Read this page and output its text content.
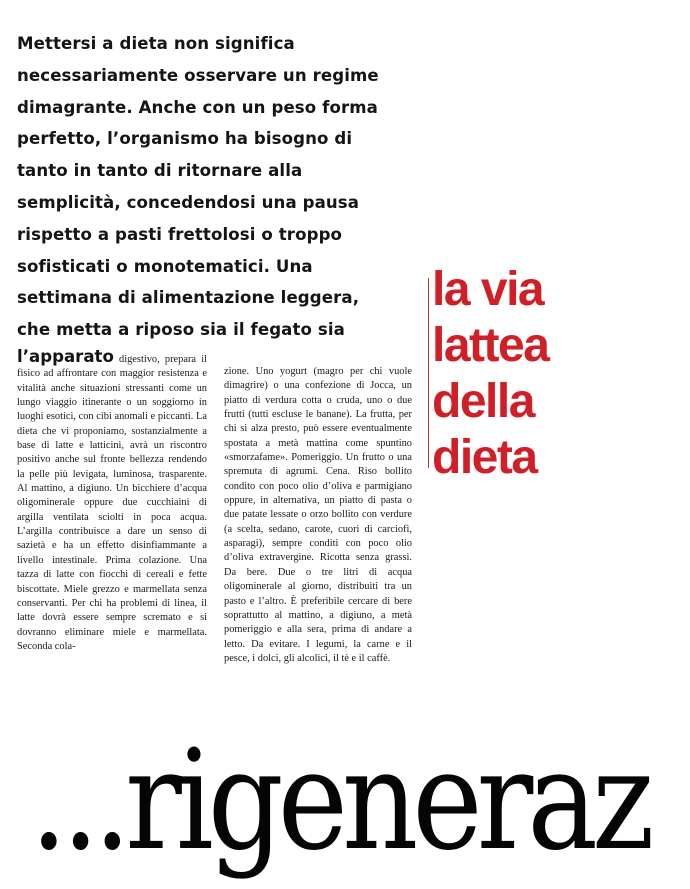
Mettersi a dieta non significa
necessariamente osservare un regime
dimagrante. Anche con un peso forma
perfetto, l’organismo ha bisogno di
tanto in tanto di ritornare alla
semplicità, concedendosi una pausa
rispetto a pasti frettolosi o troppo
sofisticati o monotematici. Una
settimana di alimentazione leggera,
che metta a riposo sia il fegato sia

l’apparato digestivo, prepara il fisico ad affrontare con maggior resistenza e vitalità anche situazioni stressanti come un lungo viaggio itinerante o un soggiorno in luoghi esotici, con cibi anomali e piccanti. La dieta che vi proponiamo, sostanzialmente a base di latte e latticini, avrà un riscontro positivo anche sul fronte bellezza rendendo la pelle più levigata, luminosa, trasparente. Al mattino, a digiuno. Un bicchiere d’acqua oligominerale oppure due cucchiaini di argilla ventilata sciolti in poca acqua. L’argilla contribuisce a dare un senso di sazietà e ha un effetto disinfiammante a livello intestinale. Prima colazione. Una tazza di latte con fiocchi di cereali e fette biscottate. Miele grezzo e marmellata senza conservanti. Per chi ha problemi di linea, il latte dovrà essere sempre scremato e si dovranno eliminare miele e marmellata. Seconda cola-

zione. Uno yogurt (magro per chi vuole dimagrire) o una confezione di Jocca, un piatto di verdura cotta o cruda, uno o due frutti (tutti escluse le banane). La frutta, per chi si alza presto, può essere eventualmente spostata a metà mattina come spuntino «smorzafame». Pomeriggio. Un frutto o una spremuta di agrumi. Cena. Riso bollito condito con poco olio d’oliva e parmigiano oppure, in alternativa, un piatto di pasta o due patate lessate o orzo bollito con verdure (a scelta, sedano, carote, cuori di carciofi, asparagi), sempre conditi con poco olio d’oliva extravergine. Ricotta senza grassi. Da bere. Due o tre litri di acqua oligominerale al giorno, distribuiti tra un pasto e l’altro. È preferibile cercare di bere soprattutto al mattino, a digiuno, a metà pomeriggio e alla sera, prima di andare a letto. Da evitare. I legumi, la carne e il pesce, i dolci, gli alcolici, il tè e il caffè.

la via
lattea
della
dieta
...rigeneraz
